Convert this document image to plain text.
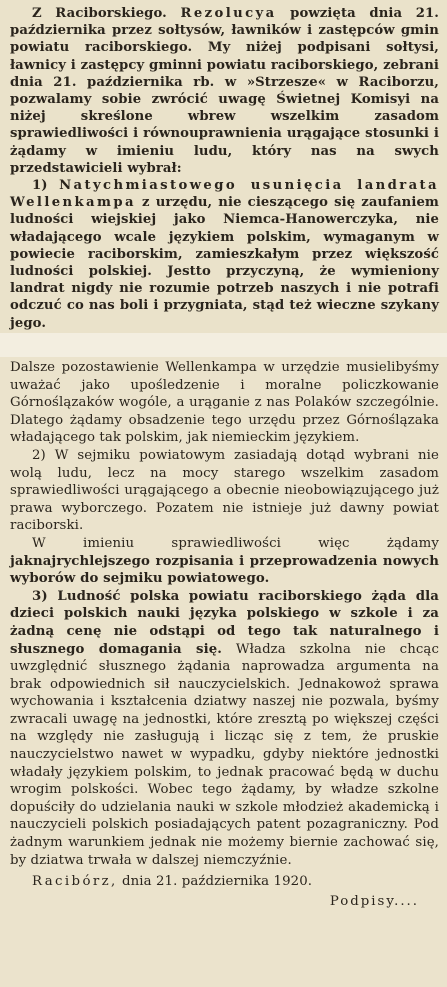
Z Raciborskiego. Rezolucya powzięta dnia 21. października przez sołtysów, ławników i zastępców gmin powiatu raciborskiego. My niżej podpisani sołtysi, ławnicy i zastępcy gminni powiatu raciborskiego, zebrani dnia 21. października rb. w »Strzesze« w Raciborzu, pozwalamy sobie zwrócić uwagę Świetnej Komisyi na niżej skreślone wbrew wszelkim zasadom sprawiedliwości i równouprawnienia urągające stosunki i żądamy w imieniu ludu, który nas na swych przedstawicieli wybrał:

1) Natychmiastowego usunięcia landrata Wellenkampa z urzędu, nie cieszącego się zaufaniem ludności wiejskiej jako Niemca-Hanowerczyka, nie władającego wcale językiem polskim, wymaganym w powiecie raciborskim, zamieszkałym przez większość ludności polskiej. Jestto przyczyną, że wymieniony landrat nigdy nie rozumie potrzeb naszych i nie potrafi odczuć co nas boli i przygniata, stąd też wieczne szykany jego.

Dalsze pozostawienie Wellenkampa w urzędzie musielibyśmy uważać jako upośledzenie i moralne policzkowanie Górnoślązaków wogóle, a urąganie z nas Polaków szczególnie. Dlatego żądamy obsadzenie tego urzędu przez Górnoślązaka władającego tak polskim, jak niemieckim językiem.

2) W sejmiku powiatowym zasiadają dotąd wybrani nie wolą ludu, lecz na mocy starego wszelkim zasadom sprawiedliwości urągającego a obecnie nieobowiązującego już prawa wyborczego. Pozatem nie istnieje już dawny powiat raciborski.

W imieniu sprawiedliwości więc żądamy jaknajrychlejszego rozpisania i przeprowadzenia nowych wyborów do sejmiku powiatowego.

3) Ludność polska powiatu raciborskiego żąda dla dzieci polskich nauki języka polskiego w szkole i za żadną cenę nie odstąpi od tego tak naturalnego i słusznego domagania się. Władza szkolna nie chcąc uwzględnić słusznego żądania naprowadza argumenta na brak odpowiednich sił nauczycielskich. Jednakowoż sprawa wychowania i kształcenia dziatwy naszej nie pozwala, byśmy zwracali uwagę na jednostki, które zresztą po większej części na względy nie zasługują i licząc się z tem, że pruskie nauczycielstwo nawet w wypadku, gdyby niektóre jednostki władały językiem polskim, to jednak pracować będą w duchu wrogim polskości. Wobec tego żądamy, by władze szkolne dopuściły do udzielania nauki w szkole młodzież akademicką i nauczycieli polskich posiadających patent pozagraniczny. Pod żadnym warunkiem jednak nie możemy biernie zachować się, by dziatwa trwała w dalszej niemczyźnie.

Racibórz, dnia 21. października 1920.

Podpisy....
